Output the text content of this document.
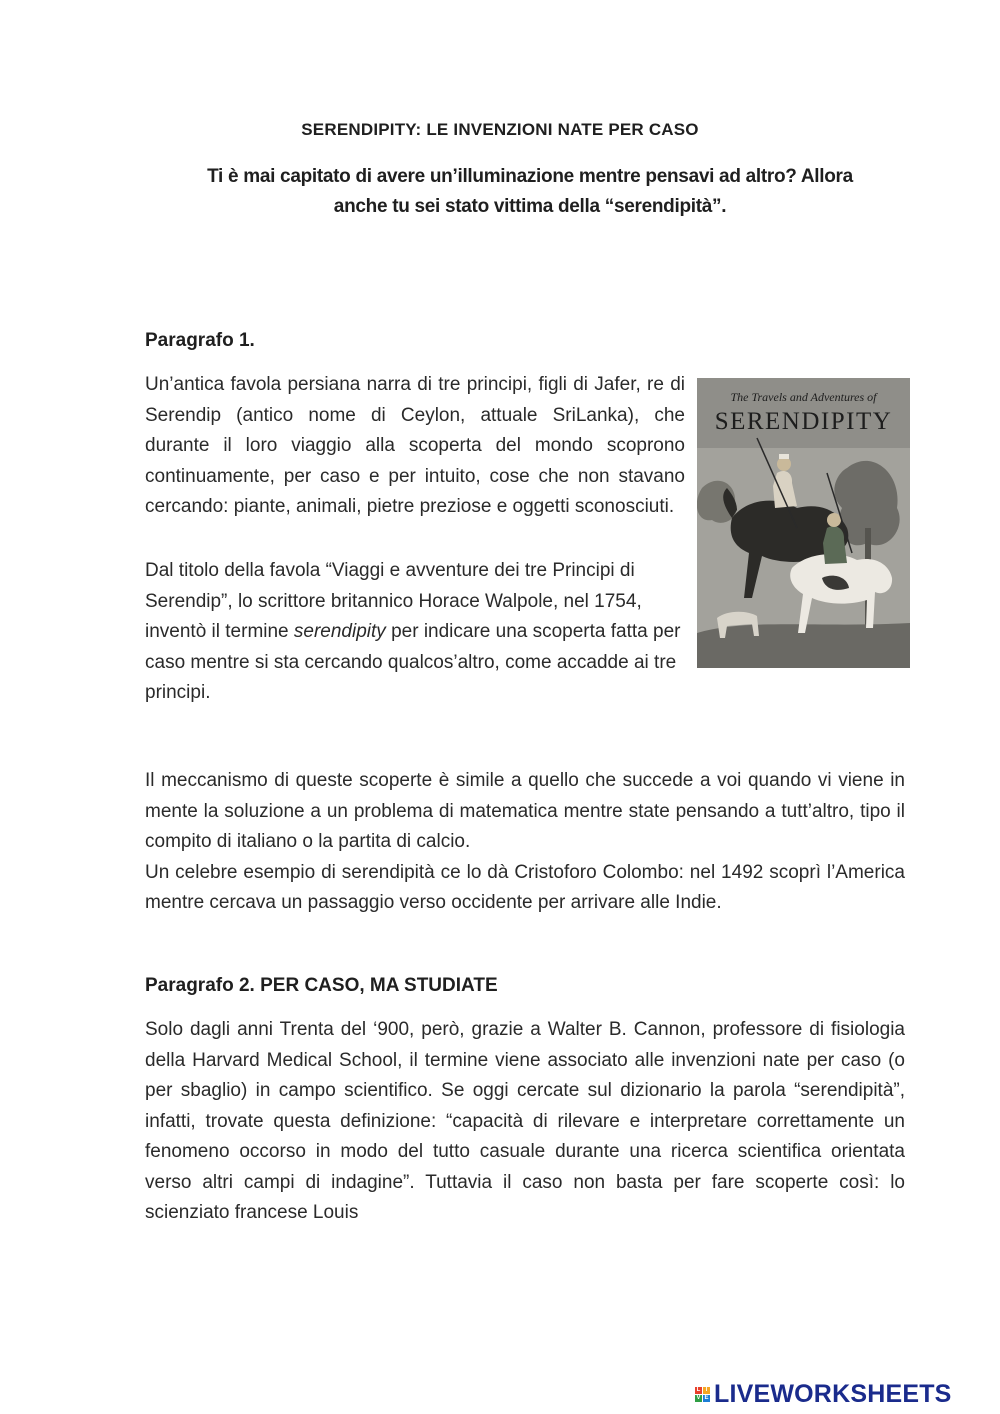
SERENDIPITY: LE INVENZIONI NATE PER CASO
Ti è mai capitato di avere un’illuminazione mentre pensavi ad altro? Allora
anche tu sei stato vittima della “serendipità”.
Paragrafo 1.

Un’antica favola persiana narra di tre principi, figli di Jafer, re di Serendip (antico nome di Ceylon, attuale SriLanka), che durante il loro viaggio alla scoperta del mondo scoprono continuamente, per caso e per intuito, cose che non stavano cercando: piante, animali, pietre preziose e oggetti sconosciuti.

Dal titolo della favola “Viaggi e avventure dei tre Principi di Serendip”, lo scrittore britannico Horace Walpole, nel 1754, inventò il termine serendipity per indicare una scoperta fatta per caso mentre si sta cercando qualcos’altro, come accadde ai tre principi.

The Travels and Adventures of
SERENDIPITY

Il meccanismo di queste scoperte è simile a quello che succede a voi quando vi viene in mente la soluzione a un problema di matematica mentre state pensando a tutt’altro, tipo il compito di italiano o la partita di calcio.

Un celebre esempio di serendipità ce lo dà Cristoforo Colombo: nel 1492 scoprì l’America mentre cercava un passaggio verso occidente per arrivare alle Indie.

Paragrafo 2. PER CASO, MA STUDIATE

Solo dagli anni Trenta del ‘900, però, grazie a Walter B. Cannon, professore di fisiologia della Harvard Medical School, il termine viene associato alle invenzioni nate per caso (o per sbaglio) in campo scientifico. Se oggi cercate sul dizionario la parola “serendipità”, infatti, trovate questa definizione: “capacità di rilevare e interpretare correttamente un fenomeno occorso in modo del tutto casuale durante una ricerca scientifica orientata verso altri campi di indagine”. Tuttavia il caso non basta per fare scoperte così: lo scienziato francese Louis

L I
V E LIVEWORKSHEETS
